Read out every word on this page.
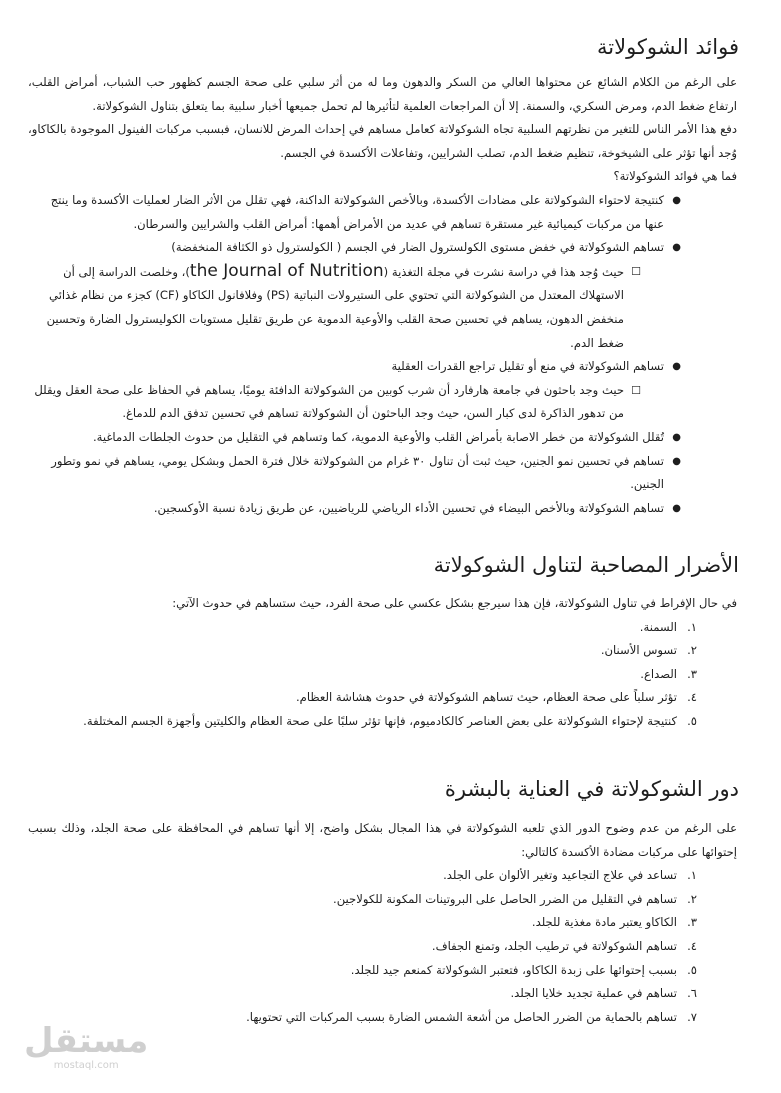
فوائد الشوكولاتة

على الرغم من الكلام الشائع عن محتواها العالي من السكر والدهون وما له من أثر سلبي على صحة الجسم كظهور حب الشباب، أمراض القلب، ارتفاع ضغط الدم، ومرض السكري، والسمنة. إلا أن المراجعات العلمية لتأثيرها لم تحمل جميعها أخبار سلبية بما يتعلق بتناول الشوكولاتة.

دفع هذا الأمر الناس للتغير من نظرتهم السلبية تجاه الشوكولاتة كعامل مساهم في إحداث المرض للانسان، فبسبب مركبات الفينول الموجودة بالكاكاو، وُجد أنها تؤثر على الشيخوخة، تنظيم ضغط الدم، تصلب الشرايين، وتفاعلات الأكسدة في الجسم.

فما هي فوائد الشوكولاتة؟

●
كنتيجة لاحتواء الشوكولاتة على مضادات الأكسدة، وبالأخص الشوكولاتة الداكنة، فهي تقلل من الأثر الضار لعمليات الأكسدة وما ينتج عنها من مركبات كيميائية غير مستقرة تساهم في عديد من الأمراض أهمها: أمراض القلب والشرايين والسرطان.
●
تساهم الشوكولاتة في خفض مستوى الكولسترول الضار في الجسم ( الكولسترول ذو الكثافة المنخفضة)
☐
حيث وُجد هذا في دراسة نشرت في مجلة التغذية (the Journal of Nutrition)، وخلصت الدراسة إلى أن الاستهلاك المعتدل من الشوكولاتة التي تحتوي على الستيرولات النباتية (PS) وفلافانول الكاكاو (CF) كجزء من نظام غذائي منخفض الدهون، يساهم في تحسين صحة القلب والأوعية الدموية عن طريق تقليل مستويات الكوليسترول الضارة وتحسين ضغط الدم.
●
تساهم الشوكولاتة في منع أو تقليل تراجع القدرات العقلية
☐
حيث وجد باحثون في جامعة هارفارد أن شرب كوبين من الشوكولاتة الدافئة يوميًا، يساهم في الحفاظ على صحة العقل ويقلل من تدهور الذاكرة لدى كبار السن، حيث وجد الباحثون أن الشوكولاتة تساهم في تحسين تدفق الدم للدماغ.
●
تُقلل الشوكولاتة من خطر الاصابة بأمراض القلب والأوعية الدموية، كما وتساهم في التقليل من حدوث الجلطات الدماغية.
●
تساهم في تحسين نمو الجنين، حيث ثبت أن تناول ٣٠ غرام من الشوكولاتة خلال فترة الحمل وبشكل يومي، يساهم في نمو وتطور الجنين.
●
تساهم الشوكولاتة وبالأخص البيضاء في تحسين الأداء الرياضي للرياضيين، عن طريق زيادة نسبة الأوكسجين.
الأضرار المصاحبة لتناول الشوكولاتة

في حال الإفراط في تناول الشوكولاتة، فإن هذا سيرجع بشكل عكسي على صحة الفرد، حيث ستساهم في حدوث الآتي:

١.
السمنة.
٢.
تسوس الأسنان.
٣.
الصداع.
٤.
تؤثر سلباً على صحة العظام، حيث تساهم الشوكولاتة في حدوث هشاشة العظام.
٥.
كنتيجة لإحتواء الشوكولاتة على بعض العناصر كالكادميوم، فإنها تؤثر سلبًا على صحة العظام والكليتين وأجهزة الجسم المختلفة.
دور الشوكولاتة في العناية بالبشرة

على الرغم من عدم وضوح الدور الذي تلعبه الشوكولاتة في هذا المجال بشكل واضح، إلا أنها تساهم في المحافظة على صحة الجلد، وذلك بسبب إحتوائها على مركبات مضادة الأكسدة كالتالي:

١.
تساعد في علاج التجاعيد وتغير الألوان على الجلد.
٢.
تساهم في التقليل من الضرر الحاصل على البروتينات المكونة للكولاجين.
٣.
الكاكاو يعتبر مادة مغذية للجلد.
٤.
تساهم الشوكولاتة في ترطيب الجلد، وتمنع الجفاف.
٥.
بسبب إحتوائها على زبدة الكاكاو، فتعتبر الشوكولاتة كمنعم جيد للجلد.
٦.
تساهم في عملية تجديد خلايا الجلد.
٧.
تساهم بالحماية من الضرر الحاصل من أشعة الشمس الضارة بسبب المركبات التي تحتويها.
مستقل
mostaql.com
